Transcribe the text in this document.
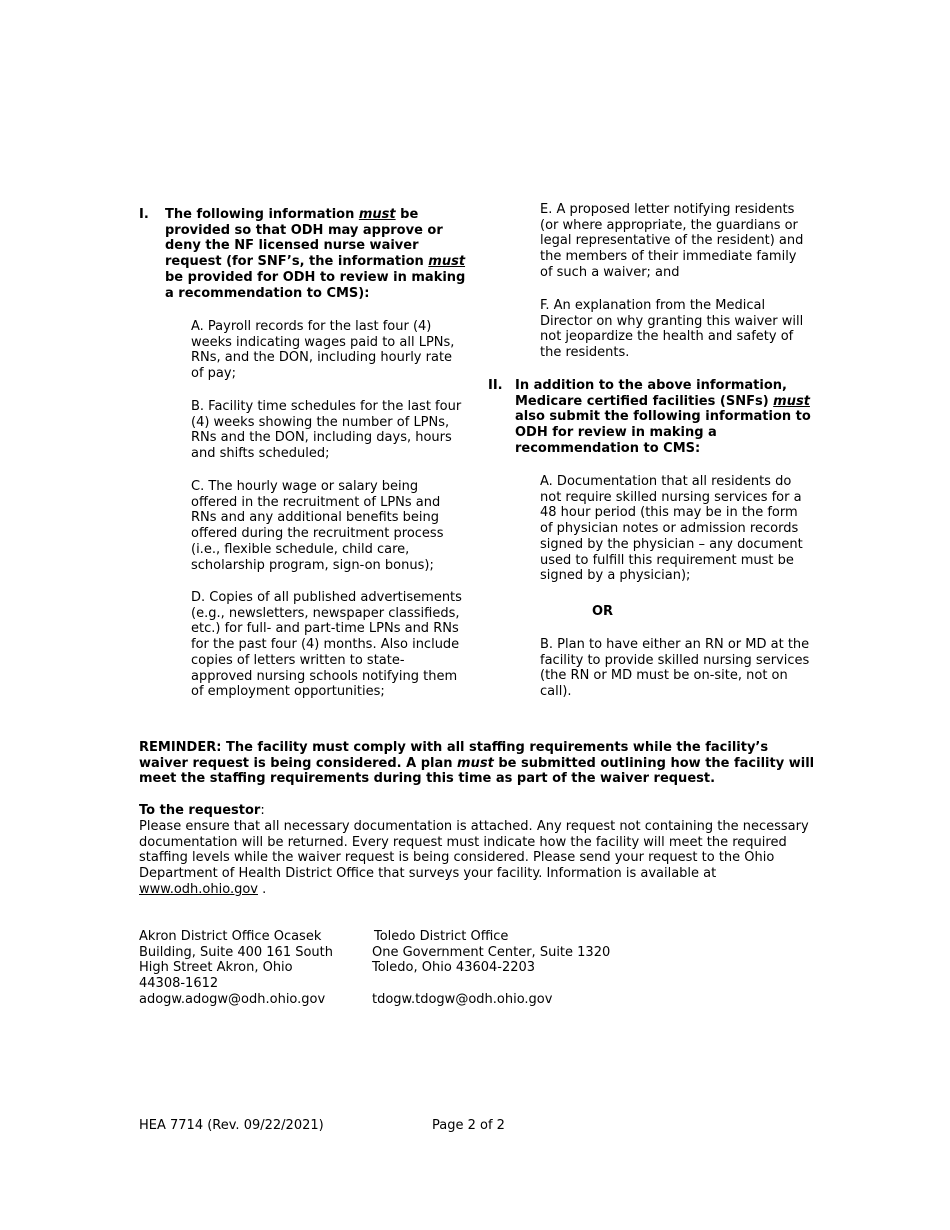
I. The following information must be provided so that ODH may approve or deny the NF licensed nurse waiver request (for SNF’s, the information must be provided for ODH to review in making a recommendation to CMS):

A. Payroll records for the last four (4) weeks indicating wages paid to all LPNs, RNs, and the DON, including hourly rate of pay;

B. Facility time schedules for the last four (4) weeks showing the number of LPNs, RNs and the DON, including days, hours and shifts scheduled;

C. The hourly wage or salary being offered in the recruitment of LPNs and RNs and any additional benefits being offered during the recruitment process (i.e., flexible schedule, child care, scholarship program, sign-on bonus);

D. Copies of all published advertisements (e.g., newsletters, newspaper classifieds, etc.) for full- and part-time LPNs and RNs for the past four (4) months. Also include copies of letters written to state-approved nursing schools notifying them of employment opportunities;

E. A proposed letter notifying residents (or where appropriate, the guardians or legal representative of the resident) and the members of their immediate family of such a waiver; and

F. An explanation from the Medical Director on why granting this waiver will not jeopardize the health and safety of the residents.

II. In addition to the above information, Medicare certified facilities (SNFs) must also submit the following information to ODH for review in making a recommendation to CMS:

A. Documentation that all residents do not require skilled nursing services for a 48 hour period (this may be in the form of physician notes or admission records signed by the physician – any document used to fulfill this requirement must be signed by a physician);

OR

B. Plan to have either an RN or MD at the facility to provide skilled nursing services (the RN or MD must be on-site, not on call).

REMINDER: The facility must comply with all staffing requirements while the facility’s waiver request is being considered. A plan must be submitted outlining how the facility will meet the staffing requirements during this time as part of the waiver request.
To the requestor:

Please ensure that all necessary documentation is attached. Any request not containing the necessary documentation will be returned. Every request must indicate how the facility will meet the required staffing levels while the waiver request is being considered. Please send your request to the Ohio Department of Health District Office that surveys your facility. Information is available at www.odh.ohio.gov .

Akron District Office Ocasek
Building, Suite 400 161 South
High Street Akron, Ohio
44308-1612
adogw.adogw@odh.ohio.gov
Toledo District Office
One Government Center, Suite 1320
Toledo, Ohio 43604-2203
tdogw.tdogw@odh.ohio.gov
HEA 7714 (Rev. 09/22/2021)	Page 2 of 2
